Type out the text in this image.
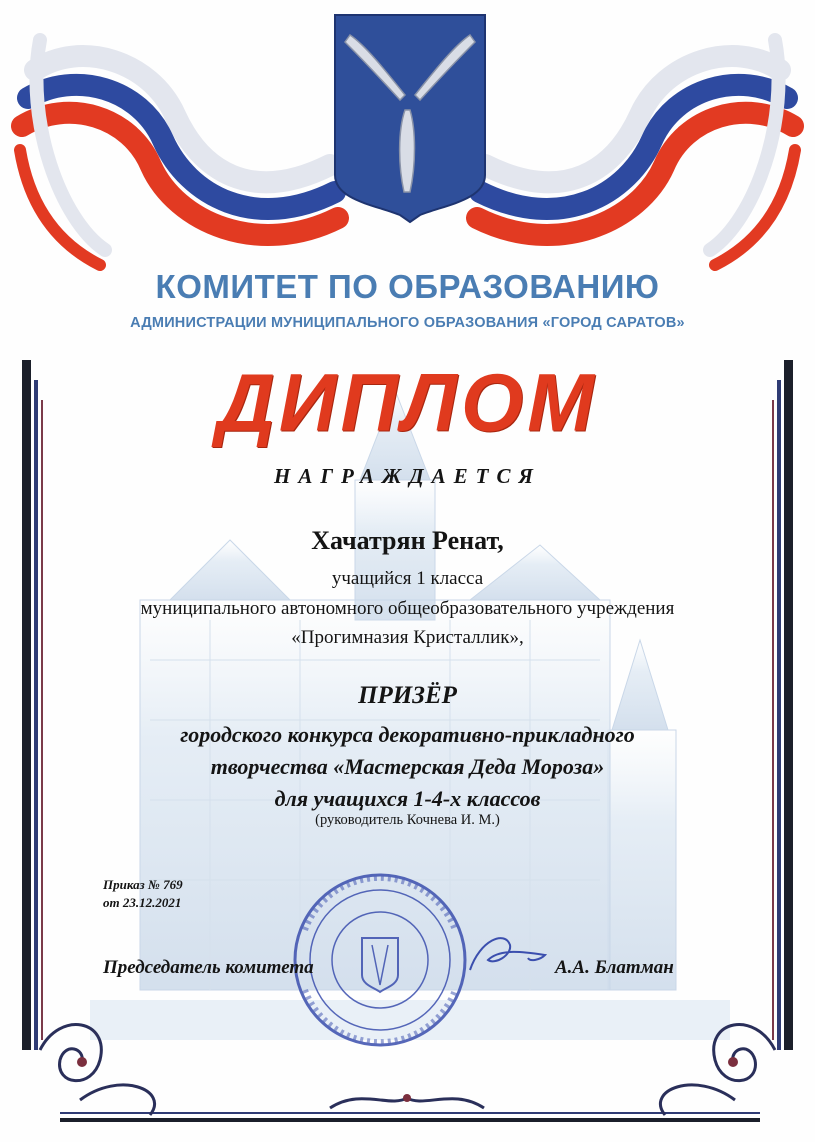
КОМИТЕТ ПО ОБРАЗОВАНИЮ

АДМИНИСТРАЦИИ МУНИЦИПАЛЬНОГО ОБРАЗОВАНИЯ «ГОРОД САРАТОВ»

ДИПЛОМ

НАГРАЖДАЕТСЯ

Хачатрян Ренат,

учащийся 1 класса

муниципального автономного общеобразовательного учреждения

«Прогимназия Кристаллик»,

ПРИЗЁР

городского конкурса декоративно-прикладного

творчества «Мастерская Деда Мороза»

для учащихся 1-4-х классов

(руководитель Кочнева И. М.)

Приказ № 769

от 23.12.2021

Председатель комитета	А.А. Блатман
